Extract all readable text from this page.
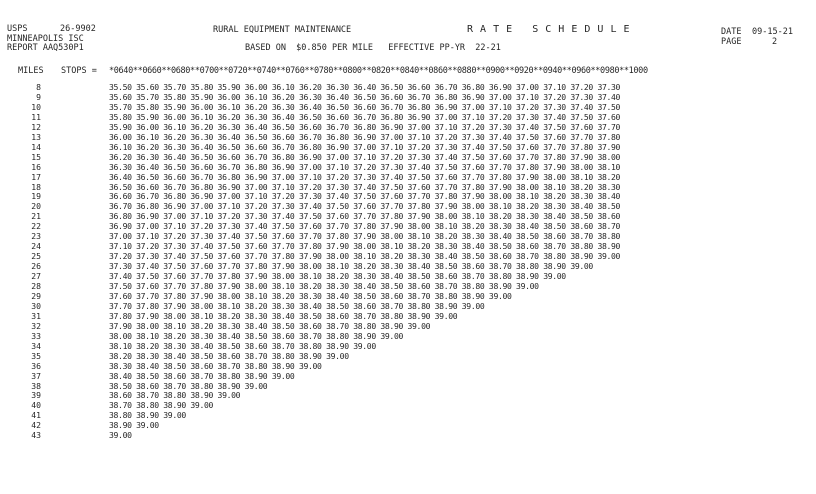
USPS	26-9902
MINNEAPOLIS ISC
REPORT AAQ530P1
RURAL EQUIPMENT MAINTENANCE	R A T E   S C H E D U L E
BASED ON  $0.850 PER MILE   EFFECTIVE PP-YR  22-21
DATE 09-15-21
PAGE	2
MILES STOPS = *0640**0660**0680**0700**0720**0740**0760**0780**0800**0820**0840**0860**0880**0900**0920**0940**0960**0980**1000
8	35.50 35.60 35.70 35.80 35.90 36.00 36.10 36.20 36.30 36.40 36.50 36.60 36.70 36.80 36.90 37.00 37.10 37.20 37.30
9	35.60 35.70 35.80 35.90 36.00 36.10 36.20 36.30 36.40 36.50 36.60 36.70 36.80 36.90 37.00 37.10 37.20 37.30 37.40
10	35.70 35.80 35.90 36.00 36.10 36.20 36.30 36.40 36.50 36.60 36.70 36.80 36.90 37.00 37.10 37.20 37.30 37.40 37.50
11	35.80 35.90 36.00 36.10 36.20 36.30 36.40 36.50 36.60 36.70 36.80 36.90 37.00 37.10 37.20 37.30 37.40 37.50 37.60
12	35.90 36.00 36.10 36.20 36.30 36.40 36.50 36.60 36.70 36.80 36.90 37.00 37.10 37.20 37.30 37.40 37.50 37.60 37.70
13	36.00 36.10 36.20 36.30 36.40 36.50 36.60 36.70 36.80 36.90 37.00 37.10 37.20 37.30 37.40 37.50 37.60 37.70 37.80
14	36.10 36.20 36.30 36.40 36.50 36.60 36.70 36.80 36.90 37.00 37.10 37.20 37.30 37.40 37.50 37.60 37.70 37.80 37.90
15	36.20 36.30 36.40 36.50 36.60 36.70 36.80 36.90 37.00 37.10 37.20 37.30 37.40 37.50 37.60 37.70 37.80 37.90 38.00
16	36.30 36.40 36.50 36.60 36.70 36.80 36.90 37.00 37.10 37.20 37.30 37.40 37.50 37.60 37.70 37.80 37.90 38.00 38.10
17	36.40 36.50 36.60 36.70 36.80 36.90 37.00 37.10 37.20 37.30 37.40 37.50 37.60 37.70 37.80 37.90 38.00 38.10 38.20
18	36.50 36.60 36.70 36.80 36.90 37.00 37.10 37.20 37.30 37.40 37.50 37.60 37.70 37.80 37.90 38.00 38.10 38.20 38.30
19	36.60 36.70 36.80 36.90 37.00 37.10 37.20 37.30 37.40 37.50 37.60 37.70 37.80 37.90 38.00 38.10 38.20 38.30 38.40
20	36.70 36.80 36.90 37.00 37.10 37.20 37.30 37.40 37.50 37.60 37.70 37.80 37.90 38.00 38.10 38.20 38.30 38.40 38.50
21	36.80 36.90 37.00 37.10 37.20 37.30 37.40 37.50 37.60 37.70 37.80 37.90 38.00 38.10 38.20 38.30 38.40 38.50 38.60
22	36.90 37.00 37.10 37.20 37.30 37.40 37.50 37.60 37.70 37.80 37.90 38.00 38.10 38.20 38.30 38.40 38.50 38.60 38.70
23	37.00 37.10 37.20 37.30 37.40 37.50 37.60 37.70 37.80 37.90 38.00 38.10 38.20 38.30 38.40 38.50 38.60 38.70 38.80
24	37.10 37.20 37.30 37.40 37.50 37.60 37.70 37.80 37.90 38.00 38.10 38.20 38.30 38.40 38.50 38.60 38.70 38.80 38.90
25	37.20 37.30 37.40 37.50 37.60 37.70 37.80 37.90 38.00 38.10 38.20 38.30 38.40 38.50 38.60 38.70 38.80 38.90 39.00
26	37.30 37.40 37.50 37.60 37.70 37.80 37.90 38.00 38.10 38.20 38.30 38.40 38.50 38.60 38.70 38.80 38.90 39.00
27	37.40 37.50 37.60 37.70 37.80 37.90 38.00 38.10 38.20 38.30 38.40 38.50 38.60 38.70 38.80 38.90 39.00
28	37.50 37.60 37.70 37.80 37.90 38.00 38.10 38.20 38.30 38.40 38.50 38.60 38.70 38.80 38.90 39.00
29	37.60 37.70 37.80 37.90 38.00 38.10 38.20 38.30 38.40 38.50 38.60 38.70 38.80 38.90 39.00
30	37.70 37.80 37.90 38.00 38.10 38.20 38.30 38.40 38.50 38.60 38.70 38.80 38.90 39.00
31	37.80 37.90 38.00 38.10 38.20 38.30 38.40 38.50 38.60 38.70 38.80 38.90 39.00
32	37.90 38.00 38.10 38.20 38.30 38.40 38.50 38.60 38.70 38.80 38.90 39.00
33	38.00 38.10 38.20 38.30 38.40 38.50 38.60 38.70 38.80 38.90 39.00
34	38.10 38.20 38.30 38.40 38.50 38.60 38.70 38.80 38.90 39.00
35	38.20 38.30 38.40 38.50 38.60 38.70 38.80 38.90 39.00
36	38.30 38.40 38.50 38.60 38.70 38.80 38.90 39.00
37	38.40 38.50 38.60 38.70 38.80 38.90 39.00
38	38.50 38.60 38.70 38.80 38.90 39.00
39	38.60 38.70 38.80 38.90 39.00
40	38.70 38.80 38.90 39.00
41	38.80 38.90 39.00
42	38.90 39.00
43	39.00
